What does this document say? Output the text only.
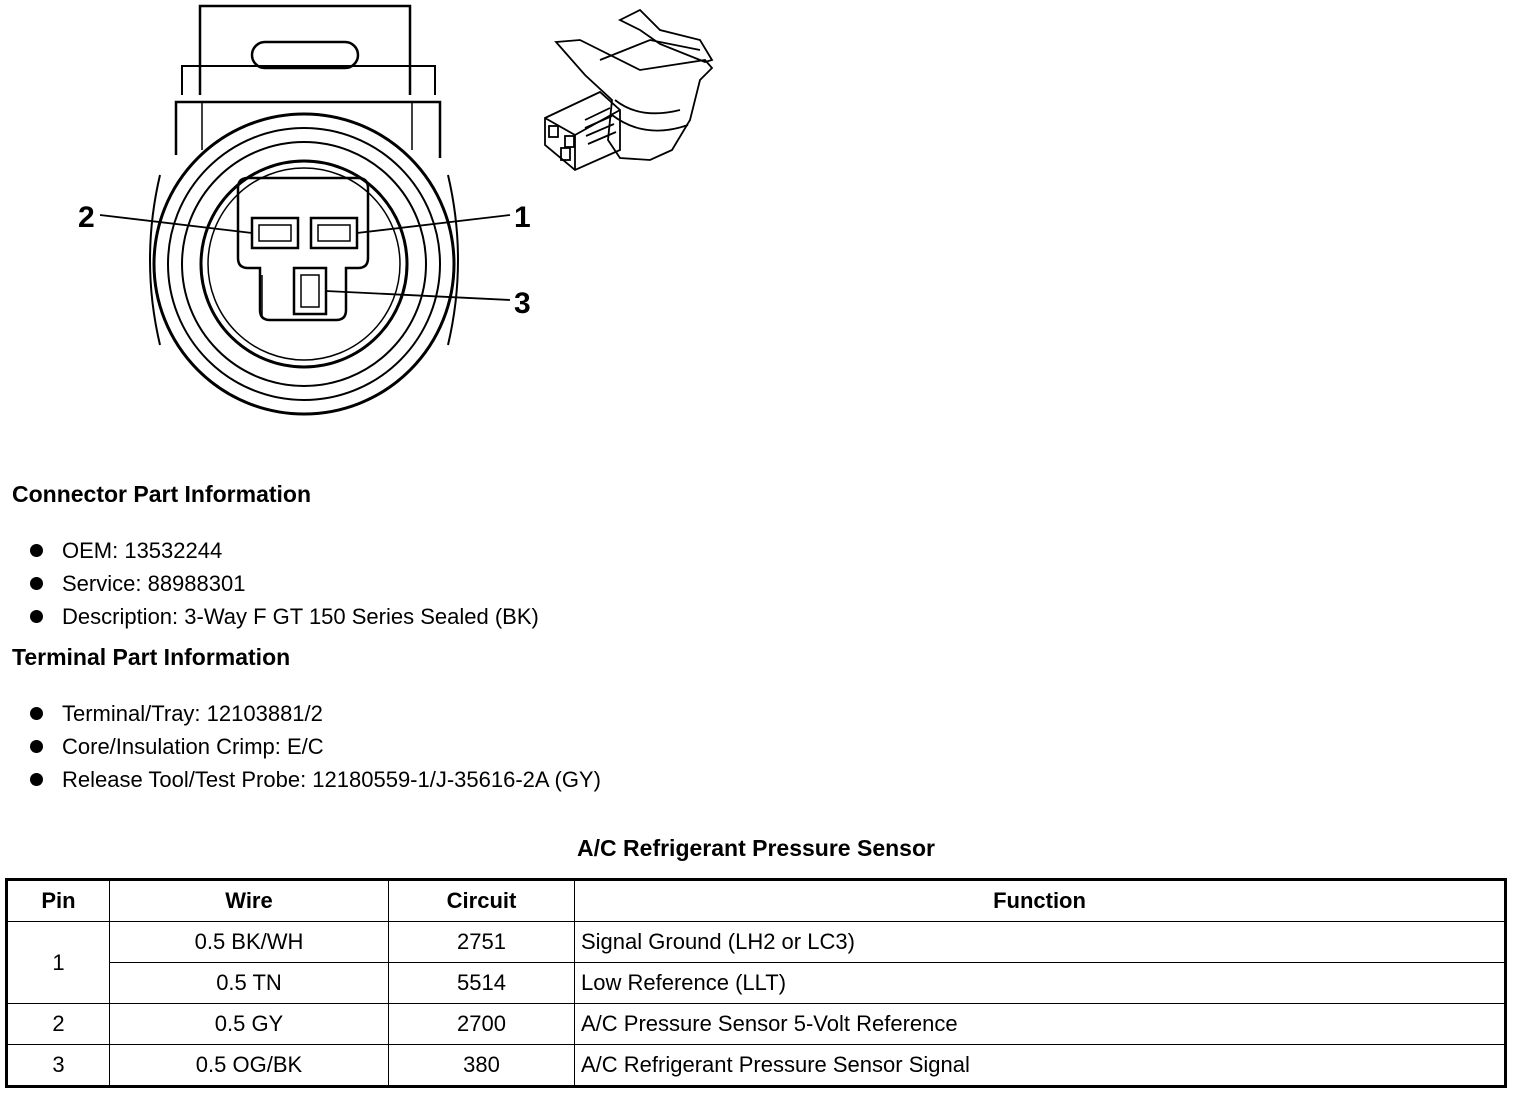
2	1
3
Connector Part Information
OEM: 13532244
Service: 88988301
Description: 3-Way F GT 150 Series Sealed (BK)
Terminal Part Information
Terminal/Tray: 12103881/2
Core/Insulation Crimp: E/C
Release Tool/Test Probe: 12180559-1/J-35616-2A (GY)
A/C Refrigerant Pressure Sensor
Pin	Wire	Circuit	Function
1	0.5 BK/WH	2751	Signal Ground (LH2 or LC3)
	0.5 TN	5514	Low Reference (LLT)
2	0.5 GY	2700	A/C Pressure Sensor 5-Volt Reference
3	0.5 OG/BK	380	A/C Refrigerant Pressure Sensor Signal
